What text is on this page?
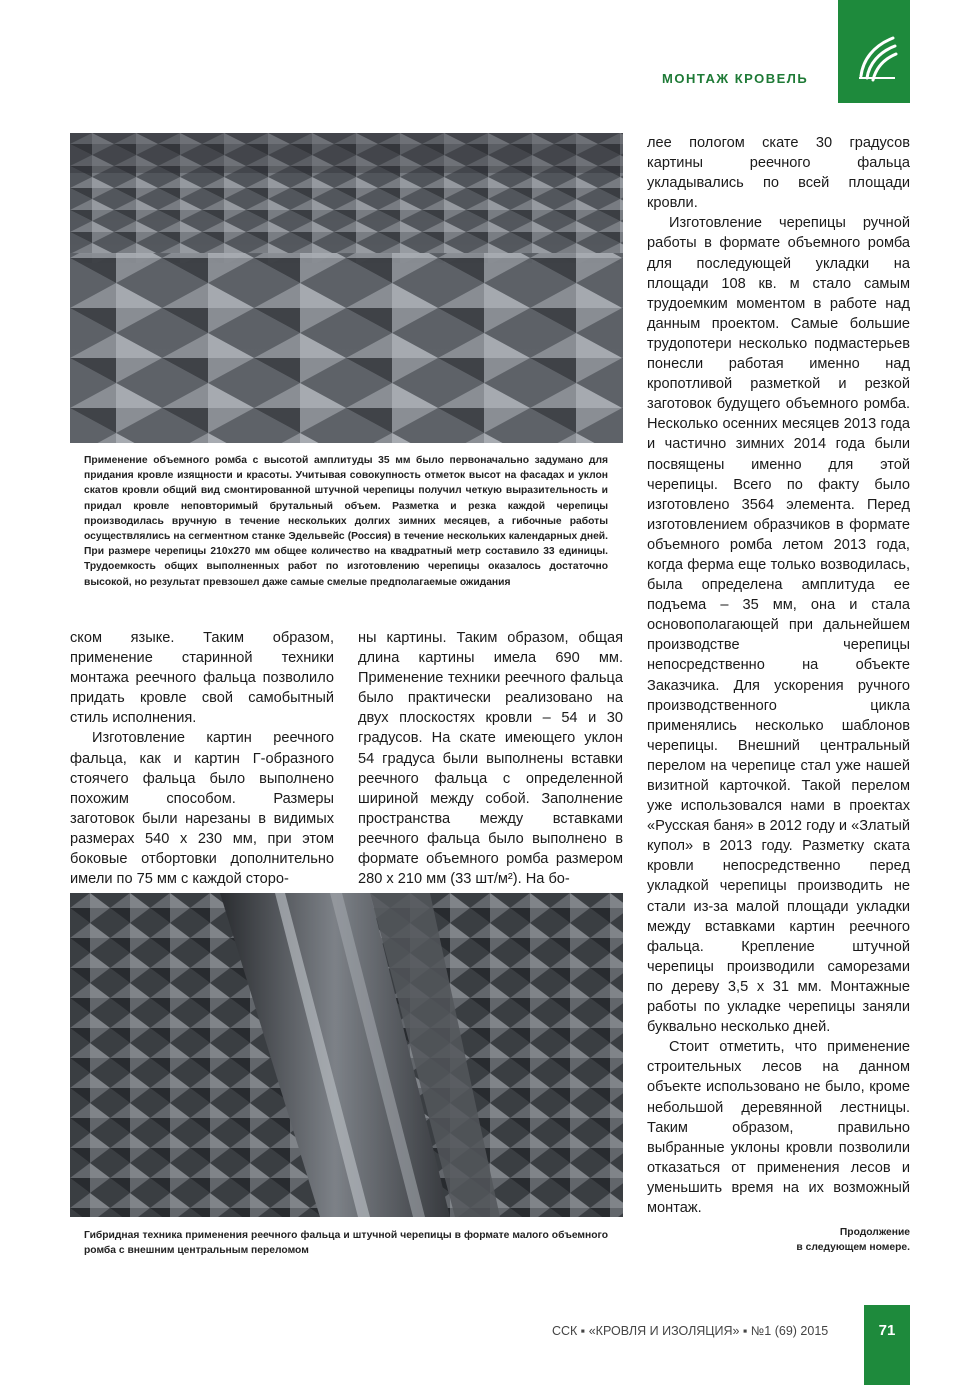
МОНТАЖ КРОВЕЛЬ
Применение объемного ромба с высотой амплитуды 35 мм было первоначально задумано для придания кровле изящности и красоты. Учитывая совокупность отметок высот на фасадах и уклон скатов кровли общий вид смонтированной штучной черепицы получил четкую выразительность и придал кровле неповторимый брутальный объем. Разметка и резка каждой черепицы производилась вручную в течение нескольких долгих зимних месяцев, а гибочные работы осуществлялись на сегментном станке Эдельвейс (Россия) в течение нескольких календарных дней. При размере черепицы 210х270 мм общее количество на квадратный метр составило 33 единицы. Трудоемкость общих выполненных работ по изготовлению черепицы оказалось достаточно высокой, но результат превзошел даже самые смелые предполагаемые ожидания

ском языке. Таким образом, применение старинной техники монтажа реечного фальца позволило придать кровле свой самобытный стиль исполнения.

Изготовление картин реечного фальца, как и картин Г-образного стоячего фальца было выполнено похожим способом. Размеры заготовок были нарезаны в видимых размерах 540 х 230 мм, при этом боковые отбортовки дополнительно имели по 75 мм с каждой сторо-

ны картины. Таким образом, общая длина картины имела 690 мм. Применение техники реечного фальца было практически реализовано на двух плоскостях кровли – 54 и 30 градусов. На скате имеющего уклон 54 градуса были выполнены вставки реечного фальца с определенной шириной между собой. Заполнение пространства между вставками реечного фальца было выполнено в формате объемного ромба размером 280 х 210 мм (33 шт/м²). На бо-

лее пологом скате 30 градусов картины реечного фальца укладывались по всей площади кровли.

Изготовление черепицы ручной работы в формате объемного ромба для последующей укладки на площади 108 кв. м стало самым трудоемким моментом в работе над данным проектом. Самые большие трудопотери несколько подмастерьев понесли работая именно над кропотливой разметкой и резкой заготовок будущего объемного ромба. Несколько осенних месяцев 2013 года и частично зимних 2014 года были посвящены именно для этой черепицы. Всего по факту было изготовлено 3564 элемента. Перед изготовлением образчиков в формате объемного ромба летом 2013 года, когда ферма еще только возводилась, была определена амплитуда ее подъема – 35 мм, она и стала основополагающей при дальнейшем производстве черепицы непосредственно на объекте Заказчика. Для ускорения ручного производственного цикла применялись несколько шаблонов черепицы. Внешний центральный перелом на черепице стал уже нашей визитной карточкой. Такой перелом уже использовался нами в проектах «Русская баня» в 2012 году и «Злaтый купол» в 2013 году. Разметку ската кровли непосредственно перед укладкой черепицы производить не стали из-за малой площади укладки между вставками картин реечного фальца. Крепление штучной черепицы производили саморезами по дереву 3,5 х 31 мм. Монтажные работы по укладке черепицы заняли буквально несколько дней.

Стоит отметить, что применение строительных лесов на данном объекте использовано не было, кроме небольшой деревянной лестницы. Таким образом, правильно выбранные уклоны кровли позволили отказаться от применения лесов и уменьшить время на их возможный монтаж.

Гибридная техника применения реечного фальца и штучной черепицы в формате малого объемного ромба с внешним центральным переломом
Продолжение
в следующем номере.
ССК ▪ «КРОВЛЯ И ИЗОЛЯЦИЯ» ▪ №1 (69) 2015	71
